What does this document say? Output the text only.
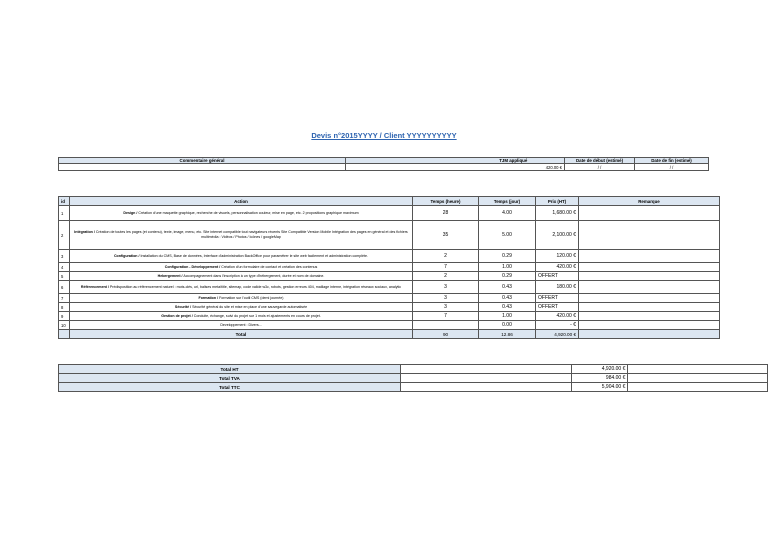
Devis n°2015YYYY / Client YYYYYYYYYY
Commentaire général		TJM appliqué	Date de début (estimé)	Date de fin (estimé)
		420.00 €	/ /	/ /
id	Action	Temps (heure)	Temps (jour)	Prix (HT)	Remarque
1	Design / Création d'une maquette graphique, recherche de visuels, personnalisation couleur, mise en page, etc. 2 propositions graphique maximum	28	4.00	1,680.00 €	
2	Intégration / Création de toutes les pages (et contenu), texte, image, menu, etc. Site internet compatible tout navigateurs récents Site Compatible Version Mobile Intégration des pages en général et des fichiers multimédia : Vidéos / Photos / Icônes / googleMap	35	5.00	2,100.00 €	
3	Configuration / Installation du CMS, Base de données, Interface d'administration BackOffice pour paramétrer le site web facilement et administration complète.	2	0.29	120.00 €	
4	Configuration - Développement / Création d'un formulaire de contact et création des contenus	7	1.00	420.00 €	
5	Hebergement / Accompagnement dans l'inscription à un type d'hébergement, durée et nom de domaine.	2	0.29	OFFERT	
6	Référencement / Prédisposition au référencement naturel : mots-clés, url, balises meta/title, sitemap, code valide w3c, robots, gestion erreurs 404, maillage interne, intégration réseaux sociaux, analytic	3	0.43	180.00 €	
7	Formation / Formation sur l'outil CMS (demi journée)	3	0.43	OFFERT	
8	Sécurité / Sécurité général du site et mise en place d'une sauvegarde automatisée	3	0.43	OFFERT	
9	Gestion de projet / Conduite, échange, suivi du projet sur 1 mois et ajustements en cours de projet.	7	1.00	420.00 €	
10	Developpement : Divers...		0.00	- €	
	Total	90	12.86	4,920.00 €	
Total HT		4,920.00 €	
Total TVA		984.00 €	
Total TTC		5,904.00 €	
